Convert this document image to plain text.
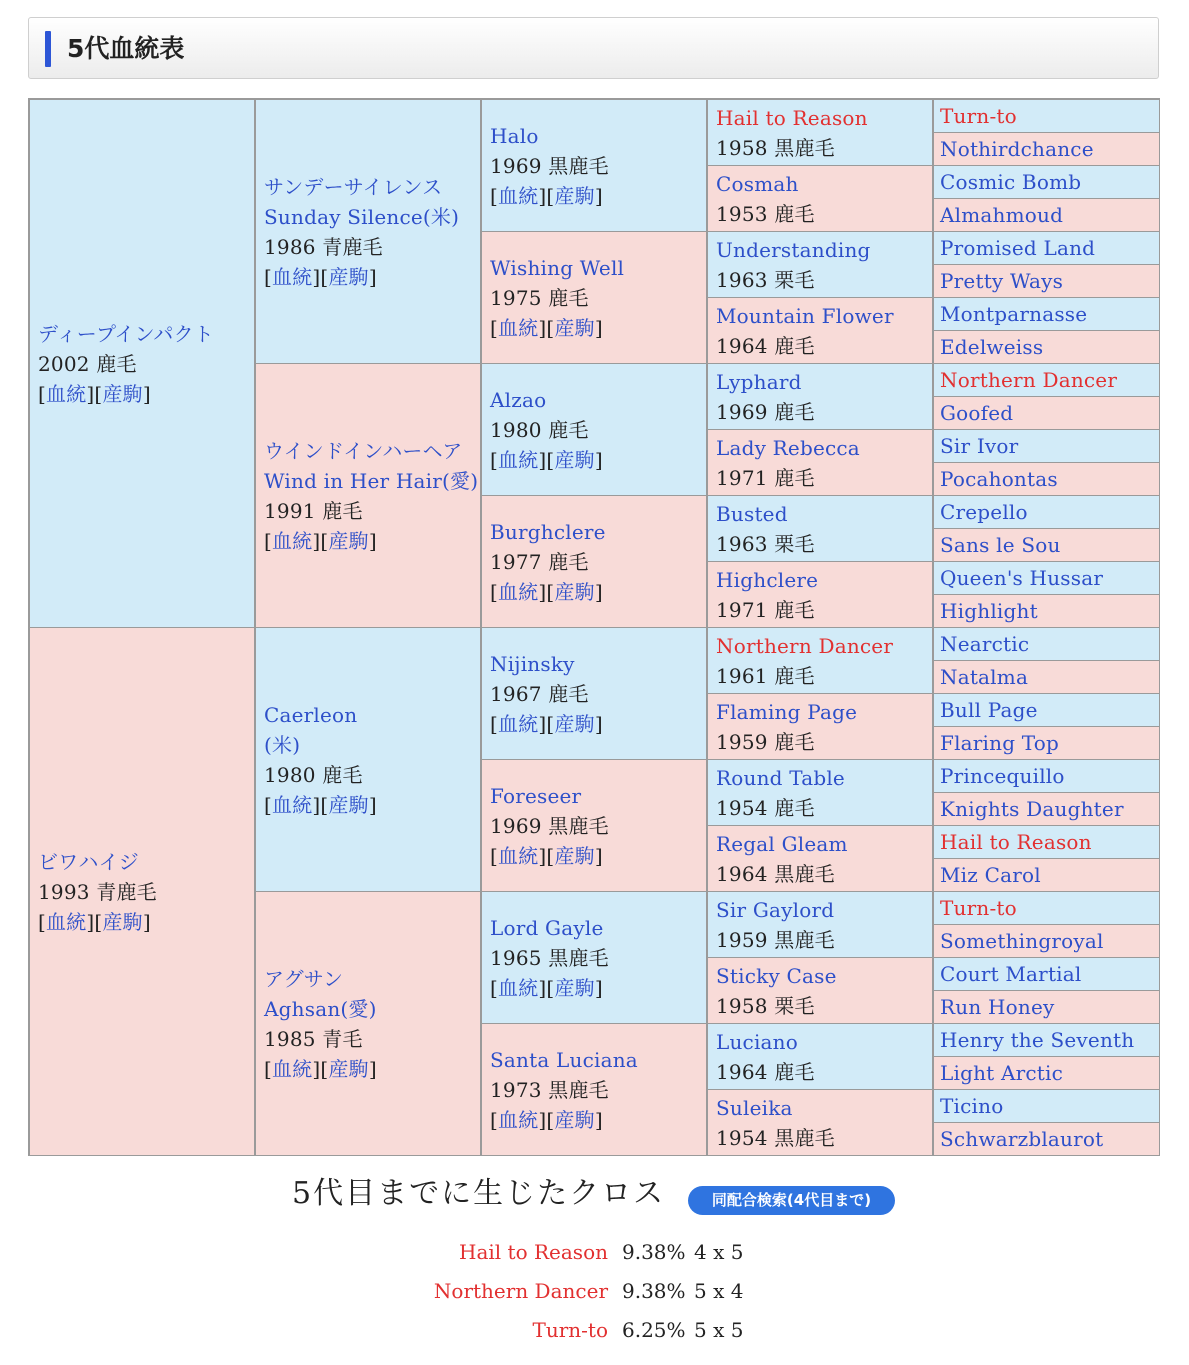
5代血統表
ディープインパクト
2002 鹿毛
[血統][産駒]
ビワハイジ
1993 青鹿毛
[血統][産駒]
サンデーサイレンス
Sunday Silence(米)
1986 青鹿毛
[血統][産駒]
ウインドインハーヘア
Wind in Her Hair(愛)
1991 鹿毛
[血統][産駒]
Caerleon
(米)
1980 鹿毛
[血統][産駒]
アグサン
Aghsan(愛)
1985 青毛
[血統][産駒]
Halo
1969 黒鹿毛
[血統][産駒]
Wishing Well
1975 鹿毛
[血統][産駒]
Alzao
1980 鹿毛
[血統][産駒]
Burghclere
1977 鹿毛
[血統][産駒]
Nijinsky
1967 鹿毛
[血統][産駒]
Foreseer
1969 黒鹿毛
[血統][産駒]
Lord Gayle
1965 黒鹿毛
[血統][産駒]
Santa Luciana
1973 黒鹿毛
[血統][産駒]
Hail to Reason
1958 黒鹿毛
Cosmah
1953 鹿毛
Understanding
1963 栗毛
Mountain Flower
1964 鹿毛
Lyphard
1969 鹿毛
Lady Rebecca
1971 鹿毛
Busted
1963 栗毛
Highclere
1971 鹿毛
Northern Dancer
1961 鹿毛
Flaming Page
1959 鹿毛
Round Table
1954 鹿毛
Regal Gleam
1964 黒鹿毛
Sir Gaylord
1959 黒鹿毛
Sticky Case
1958 栗毛
Luciano
1964 鹿毛
Suleika
1954 黒鹿毛
Turn-to
Nothirdchance
Cosmic Bomb
Almahmoud
Promised Land
Pretty Ways
Montparnasse
Edelweiss
Northern Dancer
Goofed
Sir Ivor
Pocahontas
Crepello
Sans le Sou
Queen's Hussar
Highlight
Nearctic
Natalma
Bull Page
Flaring Top
Princequillo
Knights Daughter
Hail to Reason
Miz Carol
Turn-to
Somethingroyal
Court Martial
Run Honey
Henry the Seventh
Light Arctic
Ticino
Schwarzblaurot
5代目までに生じたクロス	同配合検索(4代目まで)
Hail to Reason 9.38% 4 x 5
Northern Dancer 9.38% 5 x 4
Turn-to 6.25% 5 x 5
